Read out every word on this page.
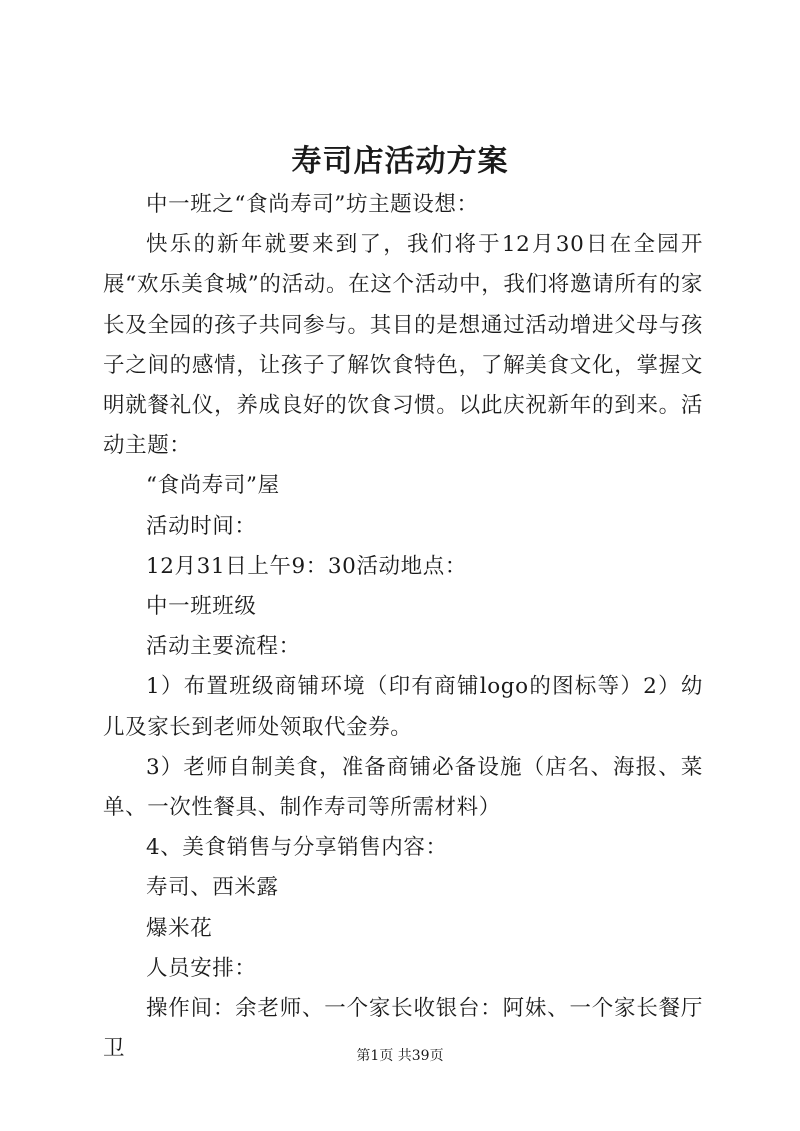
寿司店活动方案

中一班之“食尚寿司”坊主题设想：

快乐的新年就要来到了，我们将于12月30日在全园开展“欢乐美食城”的活动。在这个活动中，我们将邀请所有的家长及全园的孩子共同参与。其目的是想通过活动增进父母与孩子之间的感情，让孩子了解饮食特色，了解美食文化，掌握文明就餐礼仪，养成良好的饮食习惯。以此庆祝新年的到来。活动主题：

“食尚寿司”屋

活动时间：

12月31日上午9：30活动地点：

中一班班级

活动主要流程：

1）布置班级商铺环境（印有商铺logo的图标等）2）幼儿及家长到老师处领取代金券。

3）老师自制美食，准备商铺必备设施（店名、海报、菜单、一次性餐具、制作寿司等所需材料）

4、美食销售与分享销售内容：

寿司、西米露

爆米花

人员安排：

操作间：余老师、一个家长收银台：阿妹、一个家长餐厅卫	第1页 共39页
